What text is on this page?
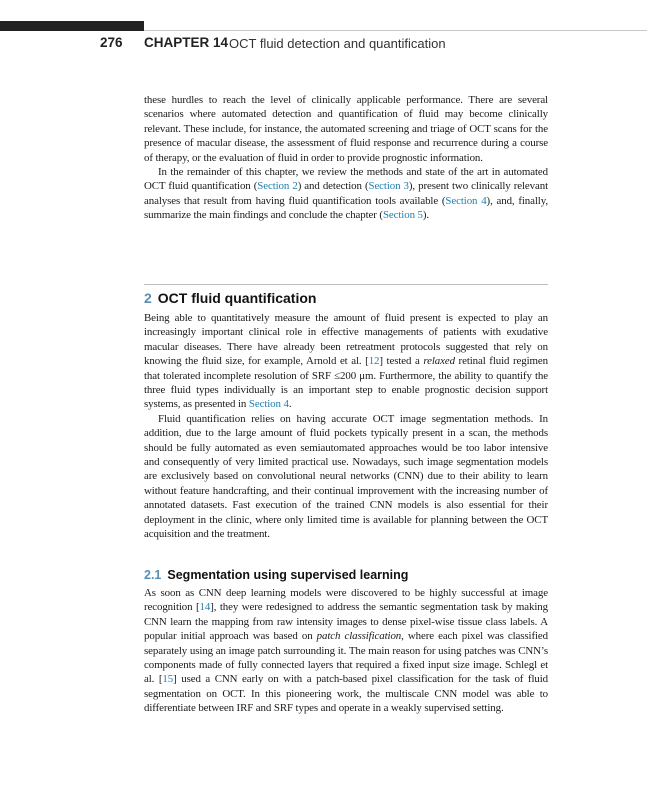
276 CHAPTER 14 OCT fluid detection and quantification

these hurdles to reach the level of clinically applicable performance. There are several scenarios where automated detection and quantification of fluid may become clinically relevant. These include, for instance, the automated screening and triage of OCT scans for the presence of macular disease, the assessment of fluid response and recurrence during a course of therapy, or the evaluation of fluid in order to provide prognostic information.

In the remainder of this chapter, we review the methods and state of the art in automated OCT fluid quantification (Section 2) and detection (Section 3), present two clinically relevant analyses that result from having fluid quantification tools available (Section 4), and, finally, summarize the main findings and conclude the chapter (Section 5).

2 OCT fluid quantification

Being able to quantitatively measure the amount of fluid present is expected to play an increasingly important clinical role in effective managements of patients with exudative macular diseases. There have already been retreatment protocols suggested that rely on knowing the fluid size, for example, Arnold et al. [12] tested a relaxed retinal fluid regimen that tolerated incomplete resolution of SRF ≤200 μm. Furthermore, the ability to quantify the three fluid types individually is an important step to enable prognostic decision support systems, as presented in Section 4.

Fluid quantification relies on having accurate OCT image segmentation methods. In addition, due to the large amount of fluid pockets typically present in a scan, the methods should be fully automated as even semiautomated approaches would be too labor intensive and consequently of very limited practical use. Nowadays, such image segmentation models are exclusively based on convolutional neural networks (CNN) due to their ability to learn without feature handcrafting, and their continual improvement with the increasing number of annotated datasets. Fast execution of the trained CNN models is also essential for their deployment in the clinic, where only limited time is available for planning between the OCT acquisition and the treatment.

2.1 Segmentation using supervised learning

As soon as CNN deep learning models were discovered to be highly successful at image recognition [14], they were redesigned to address the semantic segmentation task by making CNN learn the mapping from raw intensity images to dense pixel-wise tissue class labels. A popular initial approach was based on patch classification, where each pixel was classified separately using an image patch surrounding it. The main reason for using patches was CNN’s components made of fully connected layers that required a fixed input size image. Schlegl et al. [15] used a CNN early on with a patch-based pixel classification for the task of fluid segmentation on OCT. In this pioneering work, the multiscale CNN model was able to differentiate between IRF and SRF types and operate in a weakly supervised setting.
